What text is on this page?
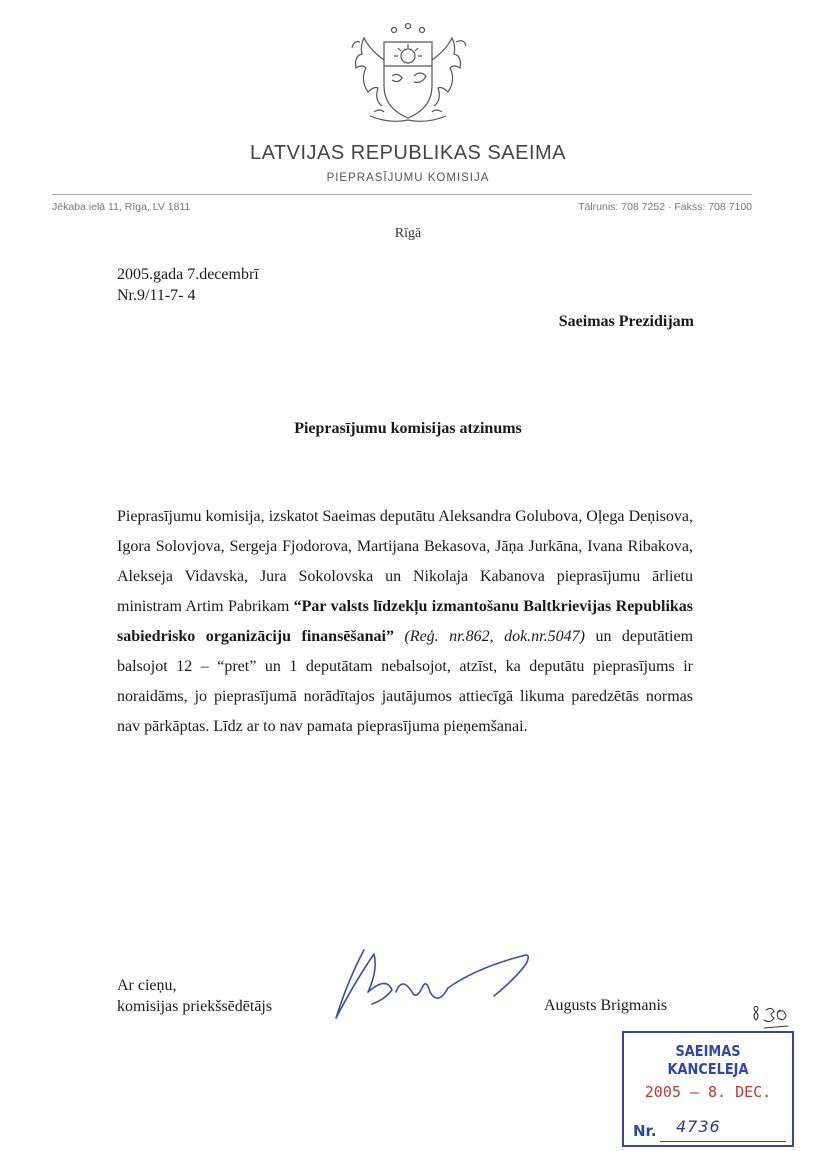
LATVIJAS REPUBLIKAS SAEIMA
PIEPRASĪJUMU KOMISIJA
Jēkaba ielā 11, Rīga, LV 1811	Tālrunis: 708 7252 · Fakss: 708 7100
Rīgā
2005.gada 7.decembrī
Nr.9/11-7- 4
Saeimas Prezidijam
Pieprasījumu komisijas atzinums

Pieprasījumu komisija, izskatot Saeimas deputātu Aleksandra Golubova, Oļega Deņisova, Igora Solovjova, Sergeja Fjodorova, Martijana Bekasova, Jāņa Jurkāna, Ivana Ribakova, Alekseja Vidavska, Jura Sokolovska un Nikolaja Kabanova pieprasījumu ārlietu ministram Artim Pabrikam “Par valsts līdzekļu izmantošanu Baltkrievijas Republikas sabiedrisko organizāciju finansēšanai” (Reģ. nr.862, dok.nr.5047) un deputātiem balsojot 12 – “pret” un 1 deputātam nebalsojot, atzīst, ka deputātu pieprasījums ir noraidāms, jo pieprasījumā norādītajos jautājumos attiecīgā likuma paredzētās normas nav pārkāptas. Līdz ar to nav pamata pieprasījuma pieņemšanai.

Ar cieņu,
komisijas priekšsēdētājs	Augusts Brigmanis
SAEIMAS KANCELEJA
2005 – 8. DEC.
Nr. 4736
